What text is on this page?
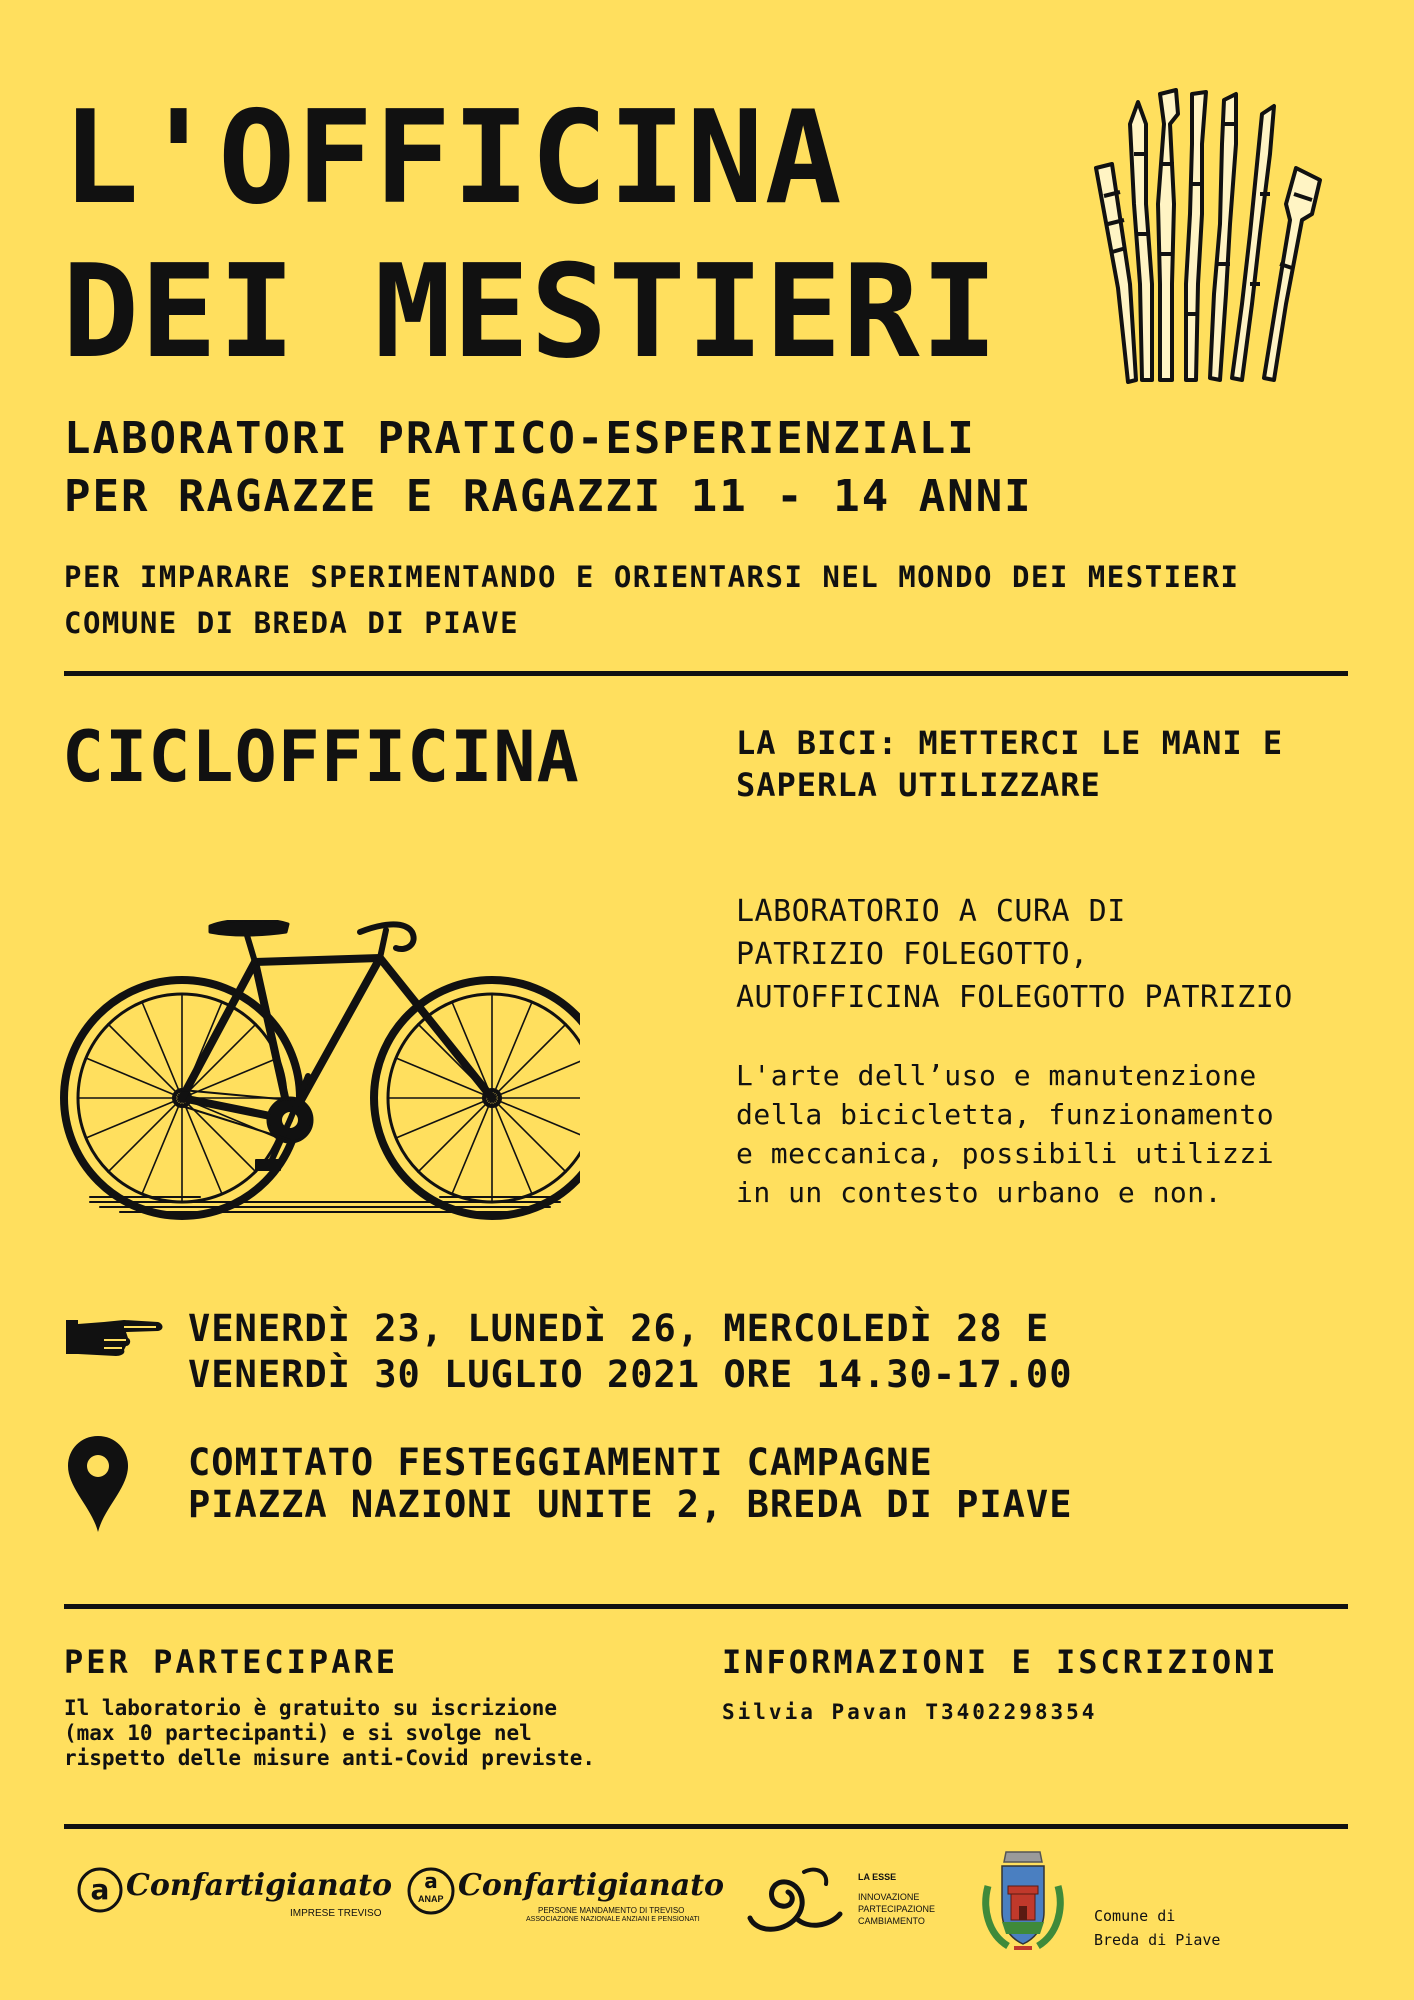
L'OFFICINA
DEI MESTIERI
LABORATORI PRATICO-ESPERIENZIALI
PER RAGAZZE E RAGAZZI 11 - 14 ANNI
PER IMPARARE SPERIMENTANDO E ORIENTARSI NEL MONDO DEI MESTIERI
COMUNE DI BREDA DI PIAVE
CICLOFFICINA	LA BICI: METTERCI LE MANI E
SAPERLA UTILIZZARE
LABORATORIO A CURA DI
PATRIZIO FOLEGOTTO,
AUTOFFICINA FOLEGOTTO PATRIZIO
L'arte dell’uso e manutenzione
della bicicletta, funzionamento
e meccanica, possibili utilizzi
in un contesto urbano e non.
VENERDÌ 23, LUNEDÌ 26, MERCOLEDÌ 28 E
VENERDÌ 30 LUGLIO 2021 ORE 14.30-17.00
COMITATO FESTEGGIAMENTI CAMPAGNE
PIAZZA NAZIONI UNITE 2, BREDA DI PIAVE
PER PARTECIPARE
Il laboratorio è gratuito su iscrizione
(max 10 partecipanti) e si svolge nel
rispetto delle misure anti-Covid previste.
INFORMAZIONI E ISCRIZIONI
Silvia Pavan T3402298354
a Confartigianato
IMPRESE TREVISO
a
ANAP Confartigianato
PERSONE MANDAMENTO DI TREVISO
ASSOCIAZIONE NAZIONALE ANZIANI E PENSIONATI
LA ESSE
INNOVAZIONE
PARTECIPAZIONE
CAMBIAMENTO	Comune di
Breda di Piave
